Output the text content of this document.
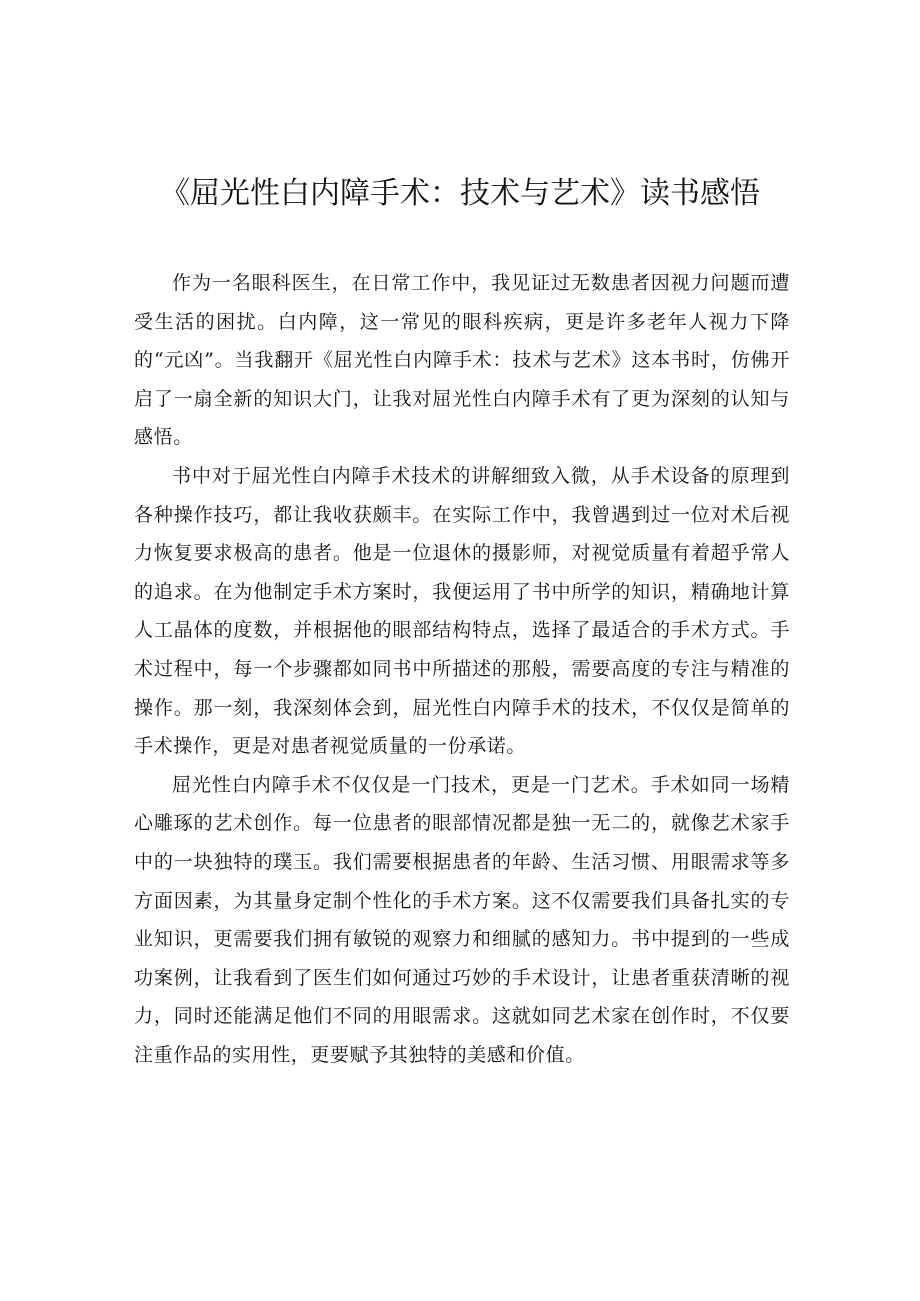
《屈光性白内障手术：技术与艺术》读书感悟

作为一名眼科医生，在日常工作中，我见证过无数患者因视力问题而遭受生活的困扰。白内障，这一常见的眼科疾病，更是许多老年人视力下降的“元凶”。当我翻开《屈光性白内障手术：技术与艺术》这本书时，仿佛开启了一扇全新的知识大门，让我对屈光性白内障手术有了更为深刻的认知与感悟。

书中对于屈光性白内障手术技术的讲解细致入微，从手术设备的原理到各种操作技巧，都让我收获颇丰。在实际工作中，我曾遇到过一位对术后视力恢复要求极高的患者。他是一位退休的摄影师，对视觉质量有着超乎常人的追求。在为他制定手术方案时，我便运用了书中所学的知识，精确地计算人工晶体的度数，并根据他的眼部结构特点，选择了最适合的手术方式。手术过程中，每一个步骤都如同书中所描述的那般，需要高度的专注与精准的操作。那一刻，我深刻体会到，屈光性白内障手术的技术，不仅仅是简单的手术操作，更是对患者视觉质量的一份承诺。

屈光性白内障手术不仅仅是一门技术，更是一门艺术。手术如同一场精心雕琢的艺术创作。每一位患者的眼部情况都是独一无二的，就像艺术家手中的一块独特的璞玉。我们需要根据患者的年龄、生活习惯、用眼需求等多方面因素，为其量身定制个性化的手术方案。这不仅需要我们具备扎实的专业知识，更需要我们拥有敏锐的观察力和细腻的感知力。书中提到的一些成功案例，让我看到了医生们如何通过巧妙的手术设计，让患者重获清晰的视力，同时还能满足他们不同的用眼需求。这就如同艺术家在创作时，不仅要注重作品的实用性，更要赋予其独特的美感和价值。
